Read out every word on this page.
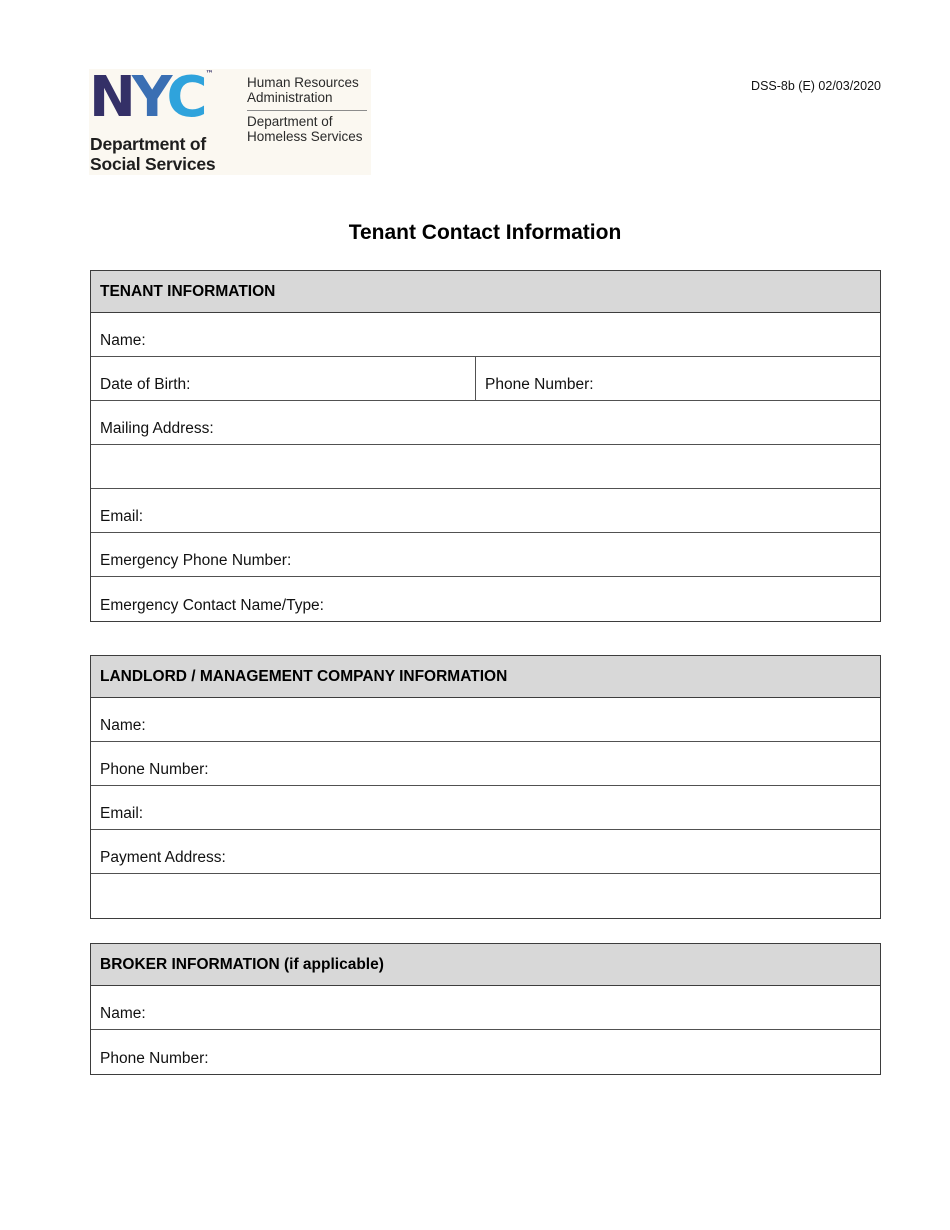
NYC ™
Department of
Social Services
Human Resources
Administration
Department of
Homeless Services
DSS-8b (E) 02/03/2020
Tenant Contact Information
TENANT INFORMATION
Name:
Date of Birth:	Phone Number:
Mailing Address:
Email:
Emergency Phone Number:
Emergency Contact Name/Type:
LANDLORD / MANAGEMENT COMPANY INFORMATION
Name:
Phone Number:
Email:
Payment Address:
BROKER INFORMATION (if applicable)
Name:
Phone Number:
